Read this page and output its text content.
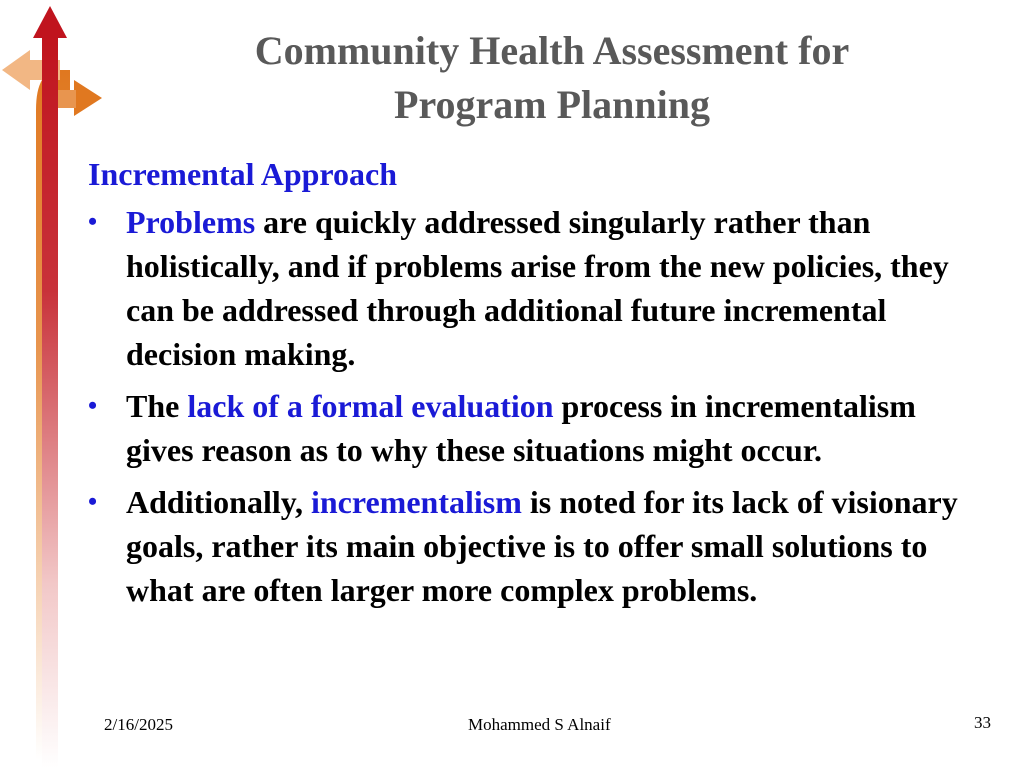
Community Health Assessment for
Program Planning
Incremental Approach
• Problems are quickly addressed singularly rather than holistically, and if problems arise from the new policies, they can be addressed through additional future incremental decision making.
• The lack of a formal evaluation process in incrementalism gives reason as to why these situations might occur.
• Additionally, incrementalism is noted for its lack of visionary goals, rather its main objective is to offer small solutions to what are often larger more complex problems.
2/16/2025	Mohammed S Alnaif	33
